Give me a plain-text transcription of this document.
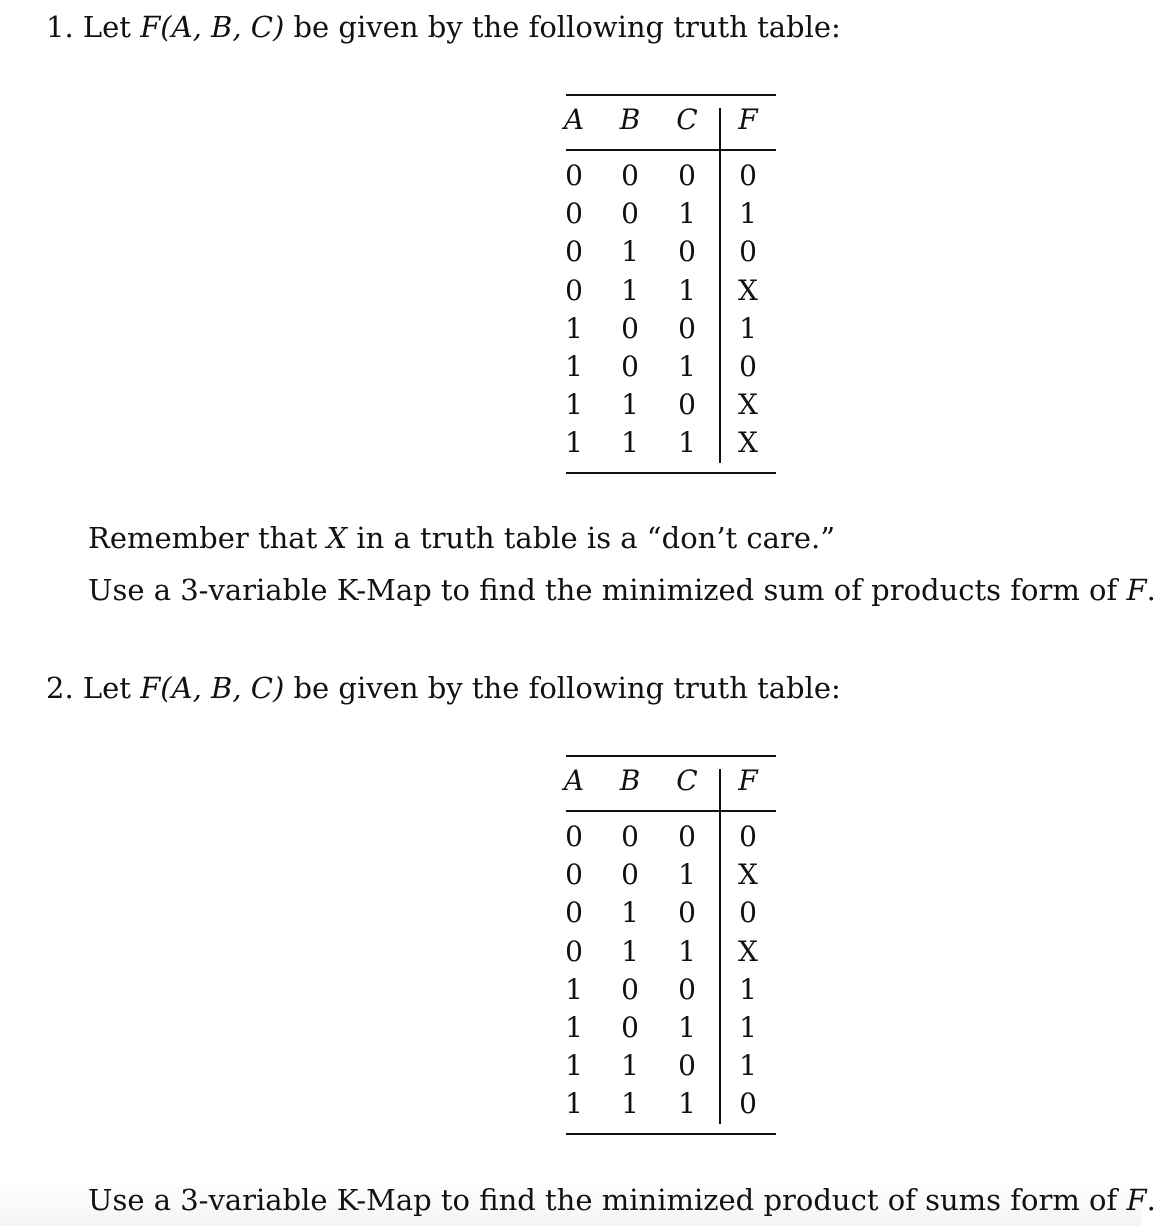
1. Let F(A, B, C) be given by the following truth table:
A B C F
0 0 0 0
0 0 1 1
0 1 0 0
0 1 1 X
1 0 0 1
1 0 1 0
1 1 0 X
1 1 1 X
Remember that X in a truth table is a “don’t care.”
Use a 3-variable K-Map to find the minimized sum of products form of F.
2. Let F(A, B, C) be given by the following truth table:
A B C F
0 0 0 0
0 0 1 X
0 1 0 0
0 1 1 X
1 0 0 1
1 0 1 1
1 1 0 1
1 1 1 0
Use a 3-variable K-Map to find the minimized product of sums form of F.
